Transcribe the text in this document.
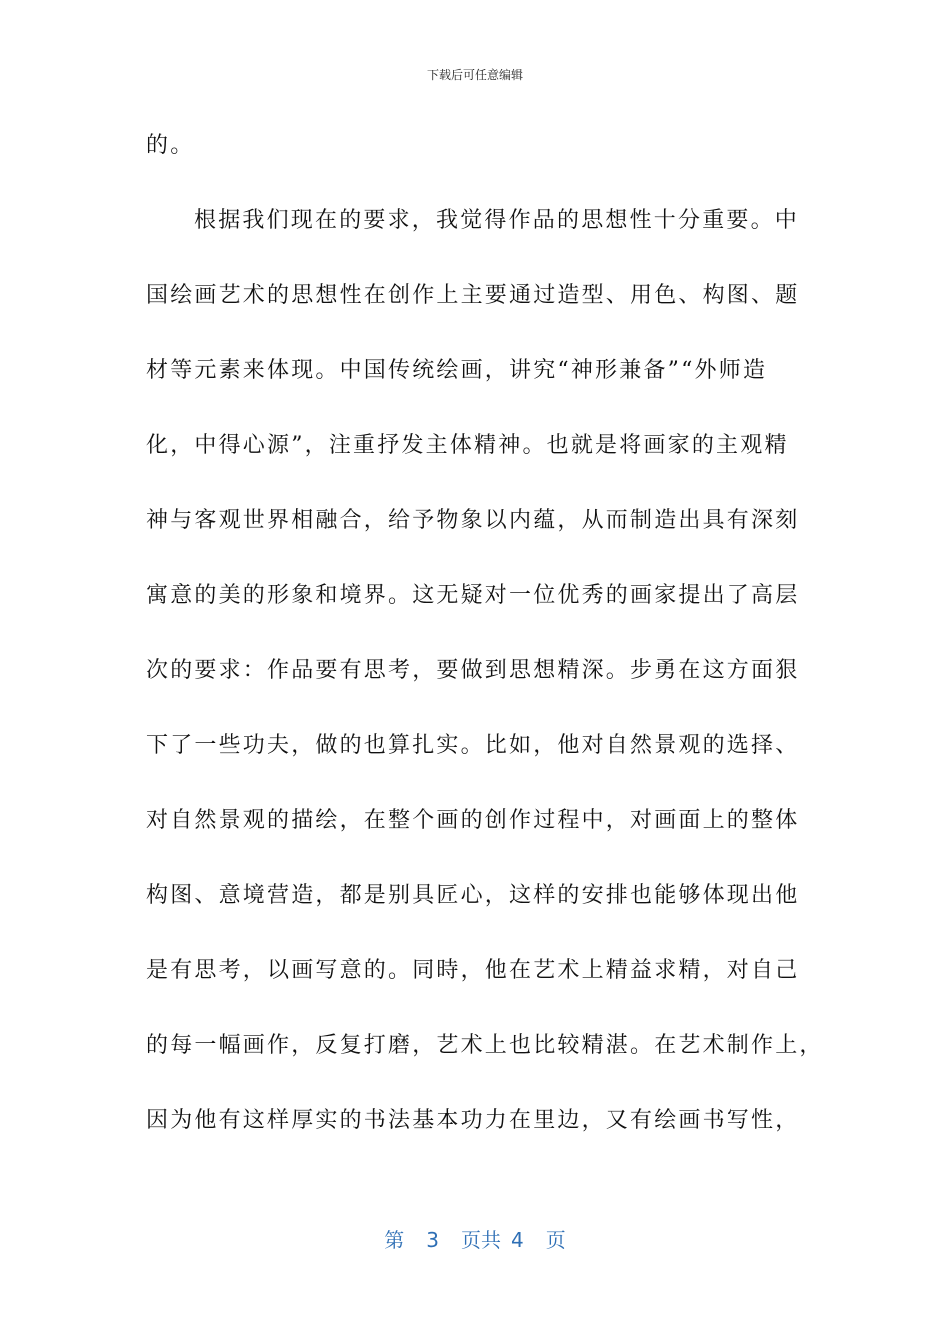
下载后可任意编辑
的。
根据我们现在的要求，我觉得作品的思想性十分重要。中
国绘画艺术的思想性在创作上主要通过造型、用色、构图、题
材等元素来体现。中国传统绘画，讲究“神形兼备”“外师造
化，中得心源”，注重抒发主体精神。也就是将画家的主观精
神与客观世界相融合，给予物象以内蕴，从而制造出具有深刻
寓意的美的形象和境界。这无疑对一位优秀的画家提出了高层
次的要求：作品要有思考，要做到思想精深。步勇在这方面狠
下了一些功夫，做的也算扎实。比如，他对自然景观的选择、
对自然景观的描绘，在整个画的创作过程中，对画面上的整体
构图、意境营造，都是别具匠心，这样的安排也能够体现出他
是有思考，以画写意的。同時，他在艺术上精益求精，对自己
的每一幅画作，反复打磨，艺术上也比较精湛。在艺术制作上，
因为他有这样厚实的书法基本功力在里边，又有绘画书写性，
第 3 页共 4 页
